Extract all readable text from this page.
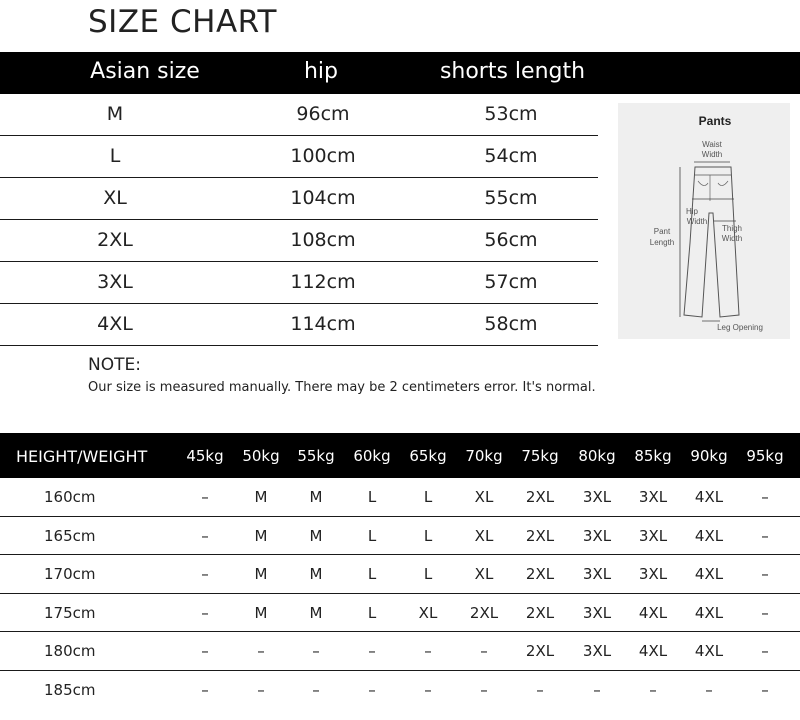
SIZE CHART
Asian size	hip	shorts length
M	96cm	53cm
L	100cm	54cm
XL	104cm	55cm
2XL	108cm	56cm
3XL	112cm	57cm
4XL	114cm	58cm
Pants
Waist
Width
Hip
Width
Thigh
Width
Pant
Length
Leg Opening
NOTE:
Our size is measured manually. There may be 2 centimeters error. It's normal.
HEIGHT/WEIGHT	45kg	50kg	55kg	60kg	65kg	70kg	75kg	80kg	85kg	90kg	95kg
160cm	–	M	M	L	L	XL	2XL	3XL	3XL	4XL	–
165cm	–	M	M	L	L	XL	2XL	3XL	3XL	4XL	–
170cm	–	M	M	L	L	XL	2XL	3XL	3XL	4XL	–
175cm	–	M	M	L	XL	2XL	2XL	3XL	4XL	4XL	–
180cm	–	–	–	–	–	–	2XL	3XL	4XL	4XL	–
185cm	–	–	–	–	–	–	–	–	–	–	–
